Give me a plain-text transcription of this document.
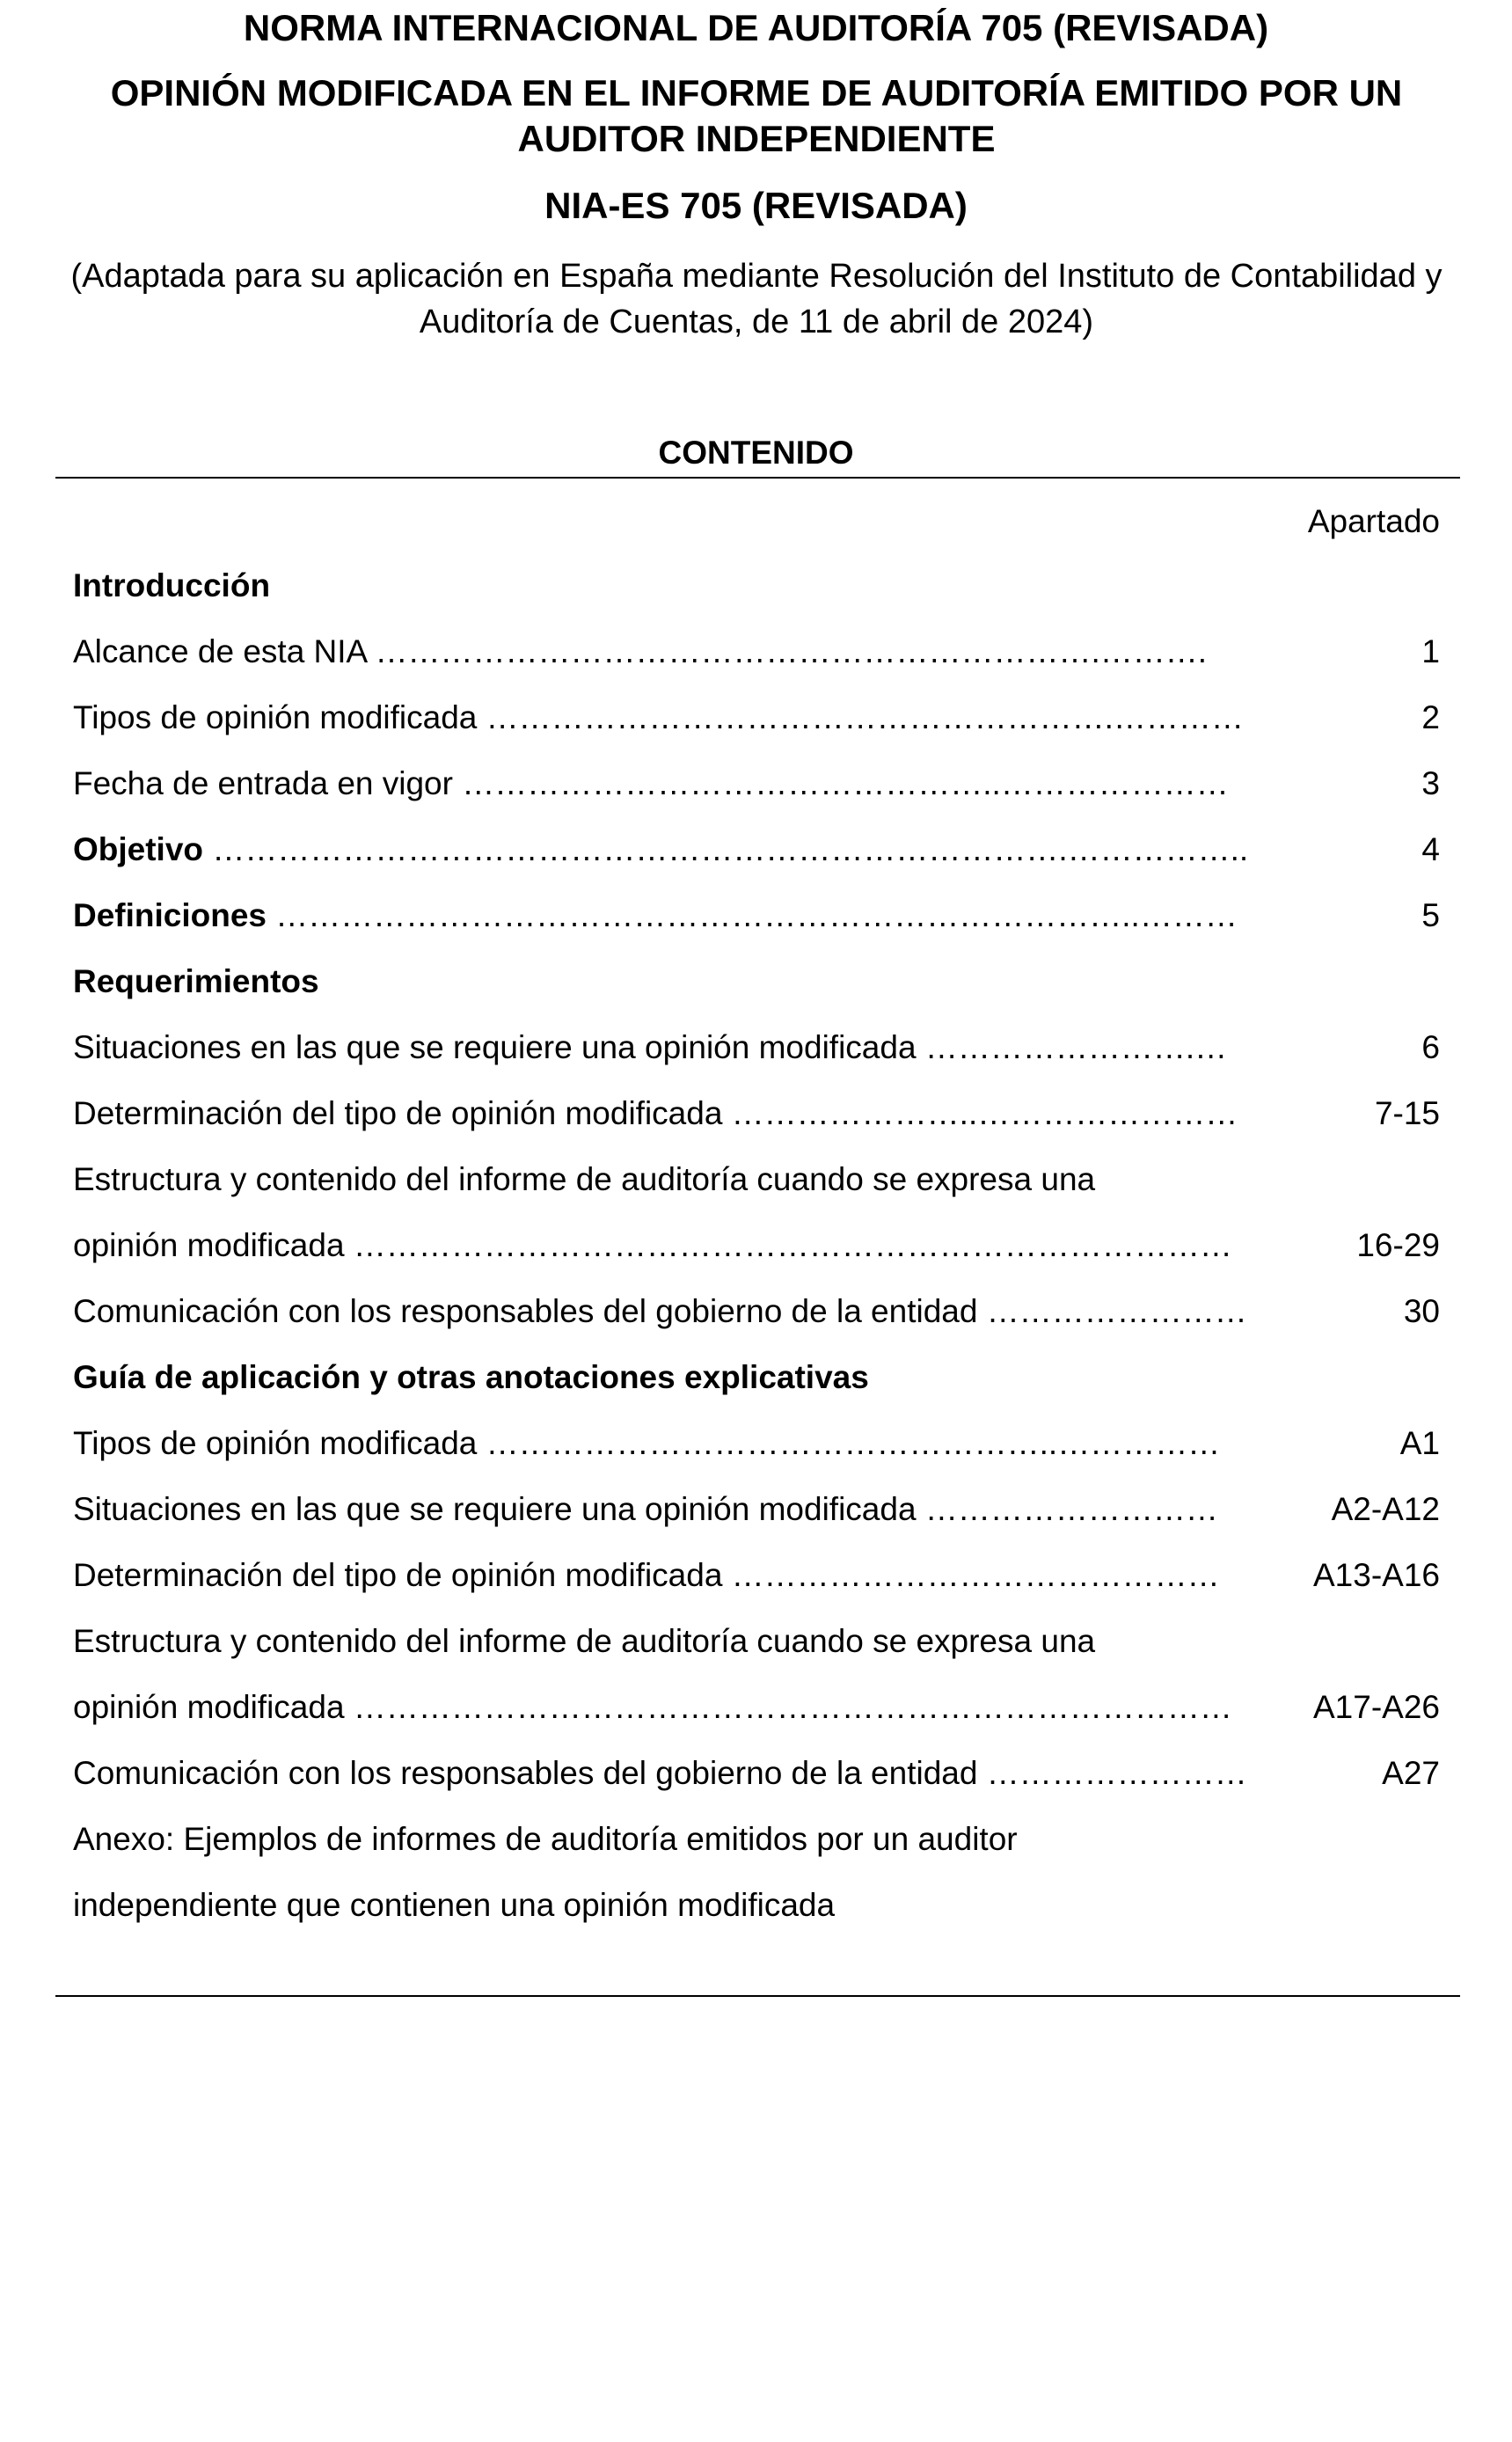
NORMA INTERNACIONAL DE AUDITORÍA 705 (REVISADA)
OPINIÓN MODIFICADA EN EL INFORME DE AUDITORÍA EMITIDO POR UN AUDITOR INDEPENDIENTE
NIA-ES 705 (REVISADA)

(Adaptada para su aplicación en España mediante Resolución del Instituto de Contabilidad y Auditoría de Cuentas, de 11 de abril de 2024)

CONTENIDO
Apartado
Introducción
Alcance de esta NIA ………………………………………………………….……….	1
Tipos de opinión modificada ………………………………………………….…………	2
Fecha de entrada en vigor …………………………………………..…………………	3
Objetivo …………………………………………………………………….……………..	4
Definiciones ……………………………………………………………………..………	5
Requerimientos
Situaciones en las que se requiere una opinión modificada …………………….…	6
Determinación del tipo de opinión modificada …………………..……………………	7-15
Estructura y contenido del informe de auditoría cuando se expresa una
opinión modificada ………………………………………………………………………	16-29
Comunicación con los responsables del gobierno de la entidad ……………………	30
Guía de aplicación y otras anotaciones explicativas
Tipos de opinión modificada ……………………………………………..……………	A1
Situaciones en las que se requiere una opinión modificada ………………………	A2-A12
Determinación del tipo de opinión modificada ………………………………………	A13-A16
Estructura y contenido del informe de auditoría cuando se expresa una
opinión modificada ……………………………………………………………………… A17-A26
Comunicación con los responsables del gobierno de la entidad ……………………	A27
Anexo: Ejemplos de informes de auditoría emitidos por un auditor
independiente que contienen una opinión modificada
